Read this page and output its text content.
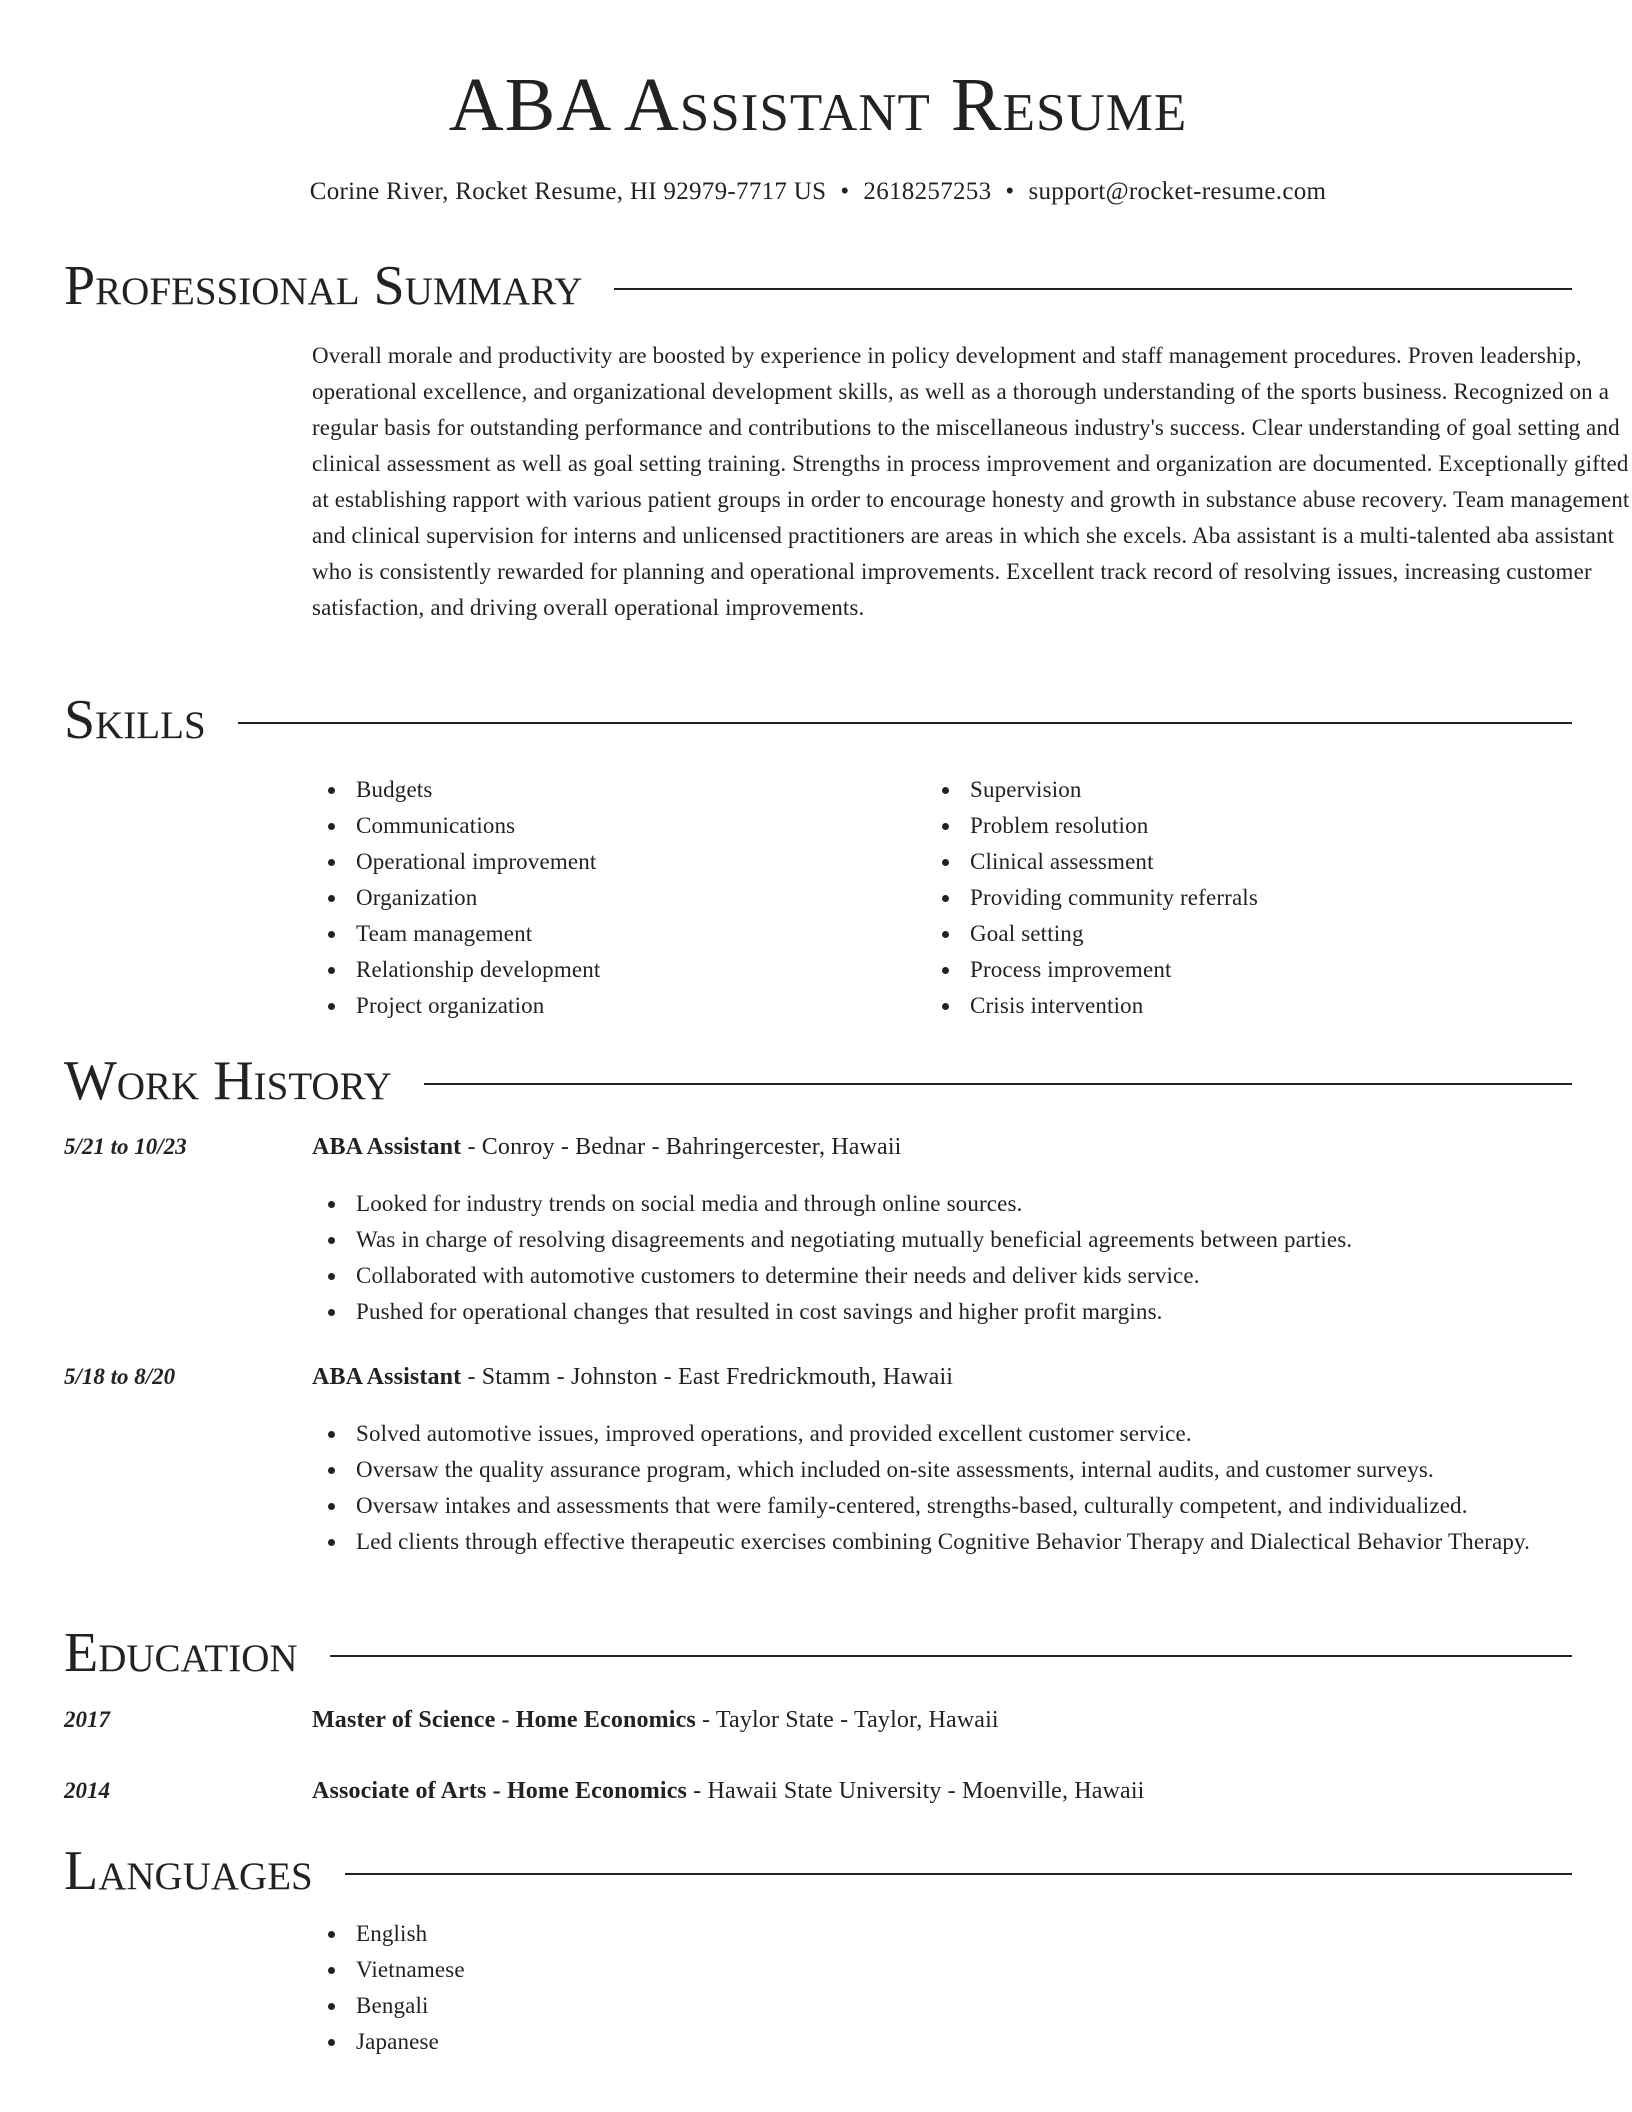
ABA Assistant Resume
Corine River, Rocket Resume, HI 92979-7717 US • 2618257253 • support@rocket-resume.com
Professional Summary
Overall morale and productivity are boosted by experience in policy development and staff management procedures. Proven leadership, operational excellence, and organizational development skills, as well as a thorough understanding of the sports business. Recognized on a regular basis for outstanding performance and contributions to the miscellaneous industry's success. Clear understanding of goal setting and clinical assessment as well as goal setting training. Strengths in process improvement and organization are documented. Exceptionally gifted at establishing rapport with various patient groups in order to encourage honesty and growth in substance abuse recovery. Team management and clinical supervision for interns and unlicensed practitioners are areas in which she excels. Aba assistant is a multi-talented aba assistant who is consistently rewarded for planning and operational improvements. Excellent track record of resolving issues, increasing customer satisfaction, and driving overall operational improvements.
Skills
Budgets
Communications
Operational improvement
Organization
Team management
Relationship development
Project organization
Supervision
Problem resolution
Clinical assessment
Providing community referrals
Goal setting
Process improvement
Crisis intervention
Work History
5/21 to 10/23	ABA Assistant - Conroy - Bednar - Bahringercester, Hawaii
Looked for industry trends on social media and through online sources.
Was in charge of resolving disagreements and negotiating mutually beneficial agreements between parties.
Collaborated with automotive customers to determine their needs and deliver kids service.
Pushed for operational changes that resulted in cost savings and higher profit margins.
5/18 to 8/20	ABA Assistant - Stamm - Johnston - East Fredrickmouth, Hawaii
Solved automotive issues, improved operations, and provided excellent customer service.
Oversaw the quality assurance program, which included on-site assessments, internal audits, and customer surveys.
Oversaw intakes and assessments that were family-centered, strengths-based, culturally competent, and individualized.
Led clients through effective therapeutic exercises combining Cognitive Behavior Therapy and Dialectical Behavior Therapy.
Education
2017	Master of Science - Home Economics - Taylor State - Taylor, Hawaii
2014	Associate of Arts - Home Economics - Hawaii State University - Moenville, Hawaii
Languages
English
Vietnamese
Bengali
Japanese
